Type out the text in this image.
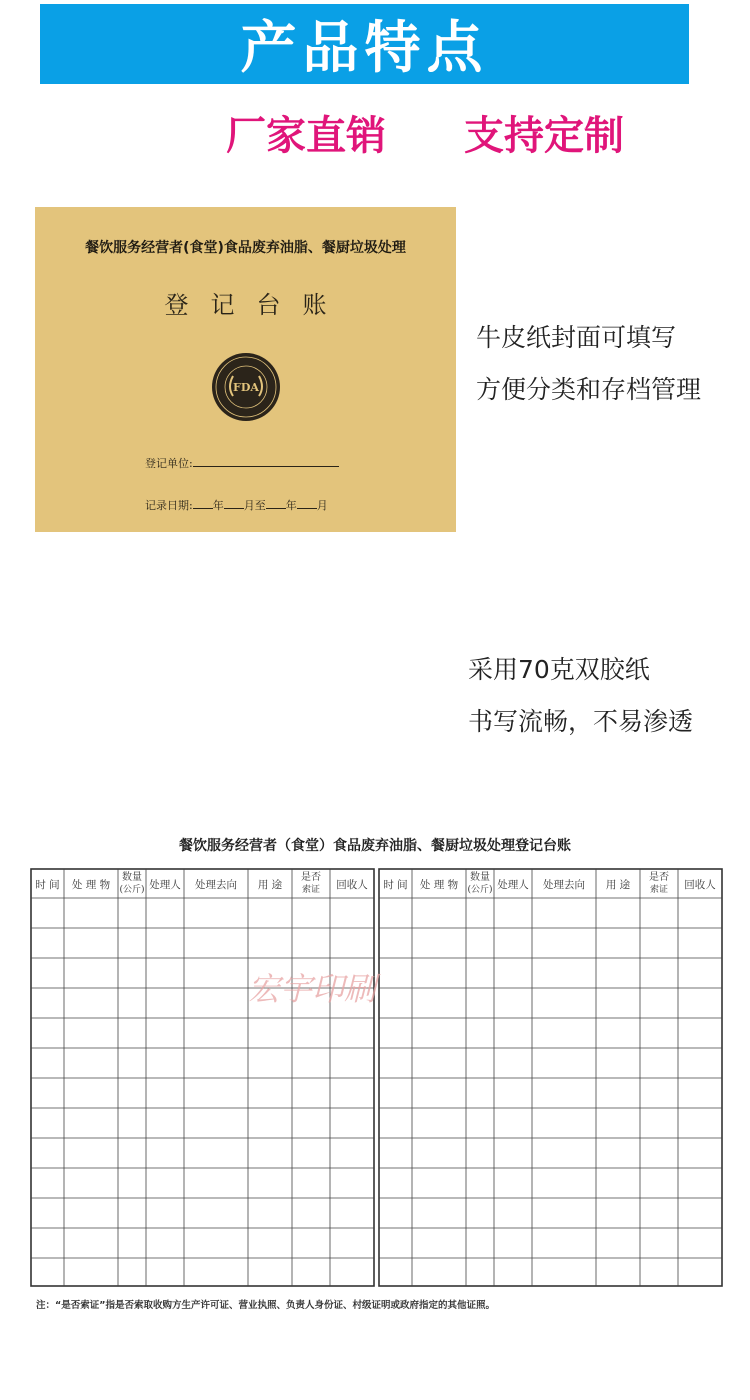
产品特点
厂家直销 支持定制
餐饮服务经营者(食堂)食品废弃油脂、餐厨垃圾处理
登记台账
FDA
登记单位:
记录日期: 年 月至 年 月
牛皮纸封面可填写
方便分类和存档管理
采用70克双胶纸
书写流畅，不易渗透
餐饮服务经营者（食堂）食品废弃油脂、餐厨垃圾处理登记台账
时 间 处 理 物
数量
(公斤) 处理人 处理去向 用 途
是否
索证 回收人 时 间 处 理 物
数量
(公斤) 处理人 处理去向 用 途
是否
索证 回收人
宏宇印刷
注：“是否索证”指是否索取收购方生产许可证、营业执照、负责人身份证、村级证明或政府指定的其他证照。
